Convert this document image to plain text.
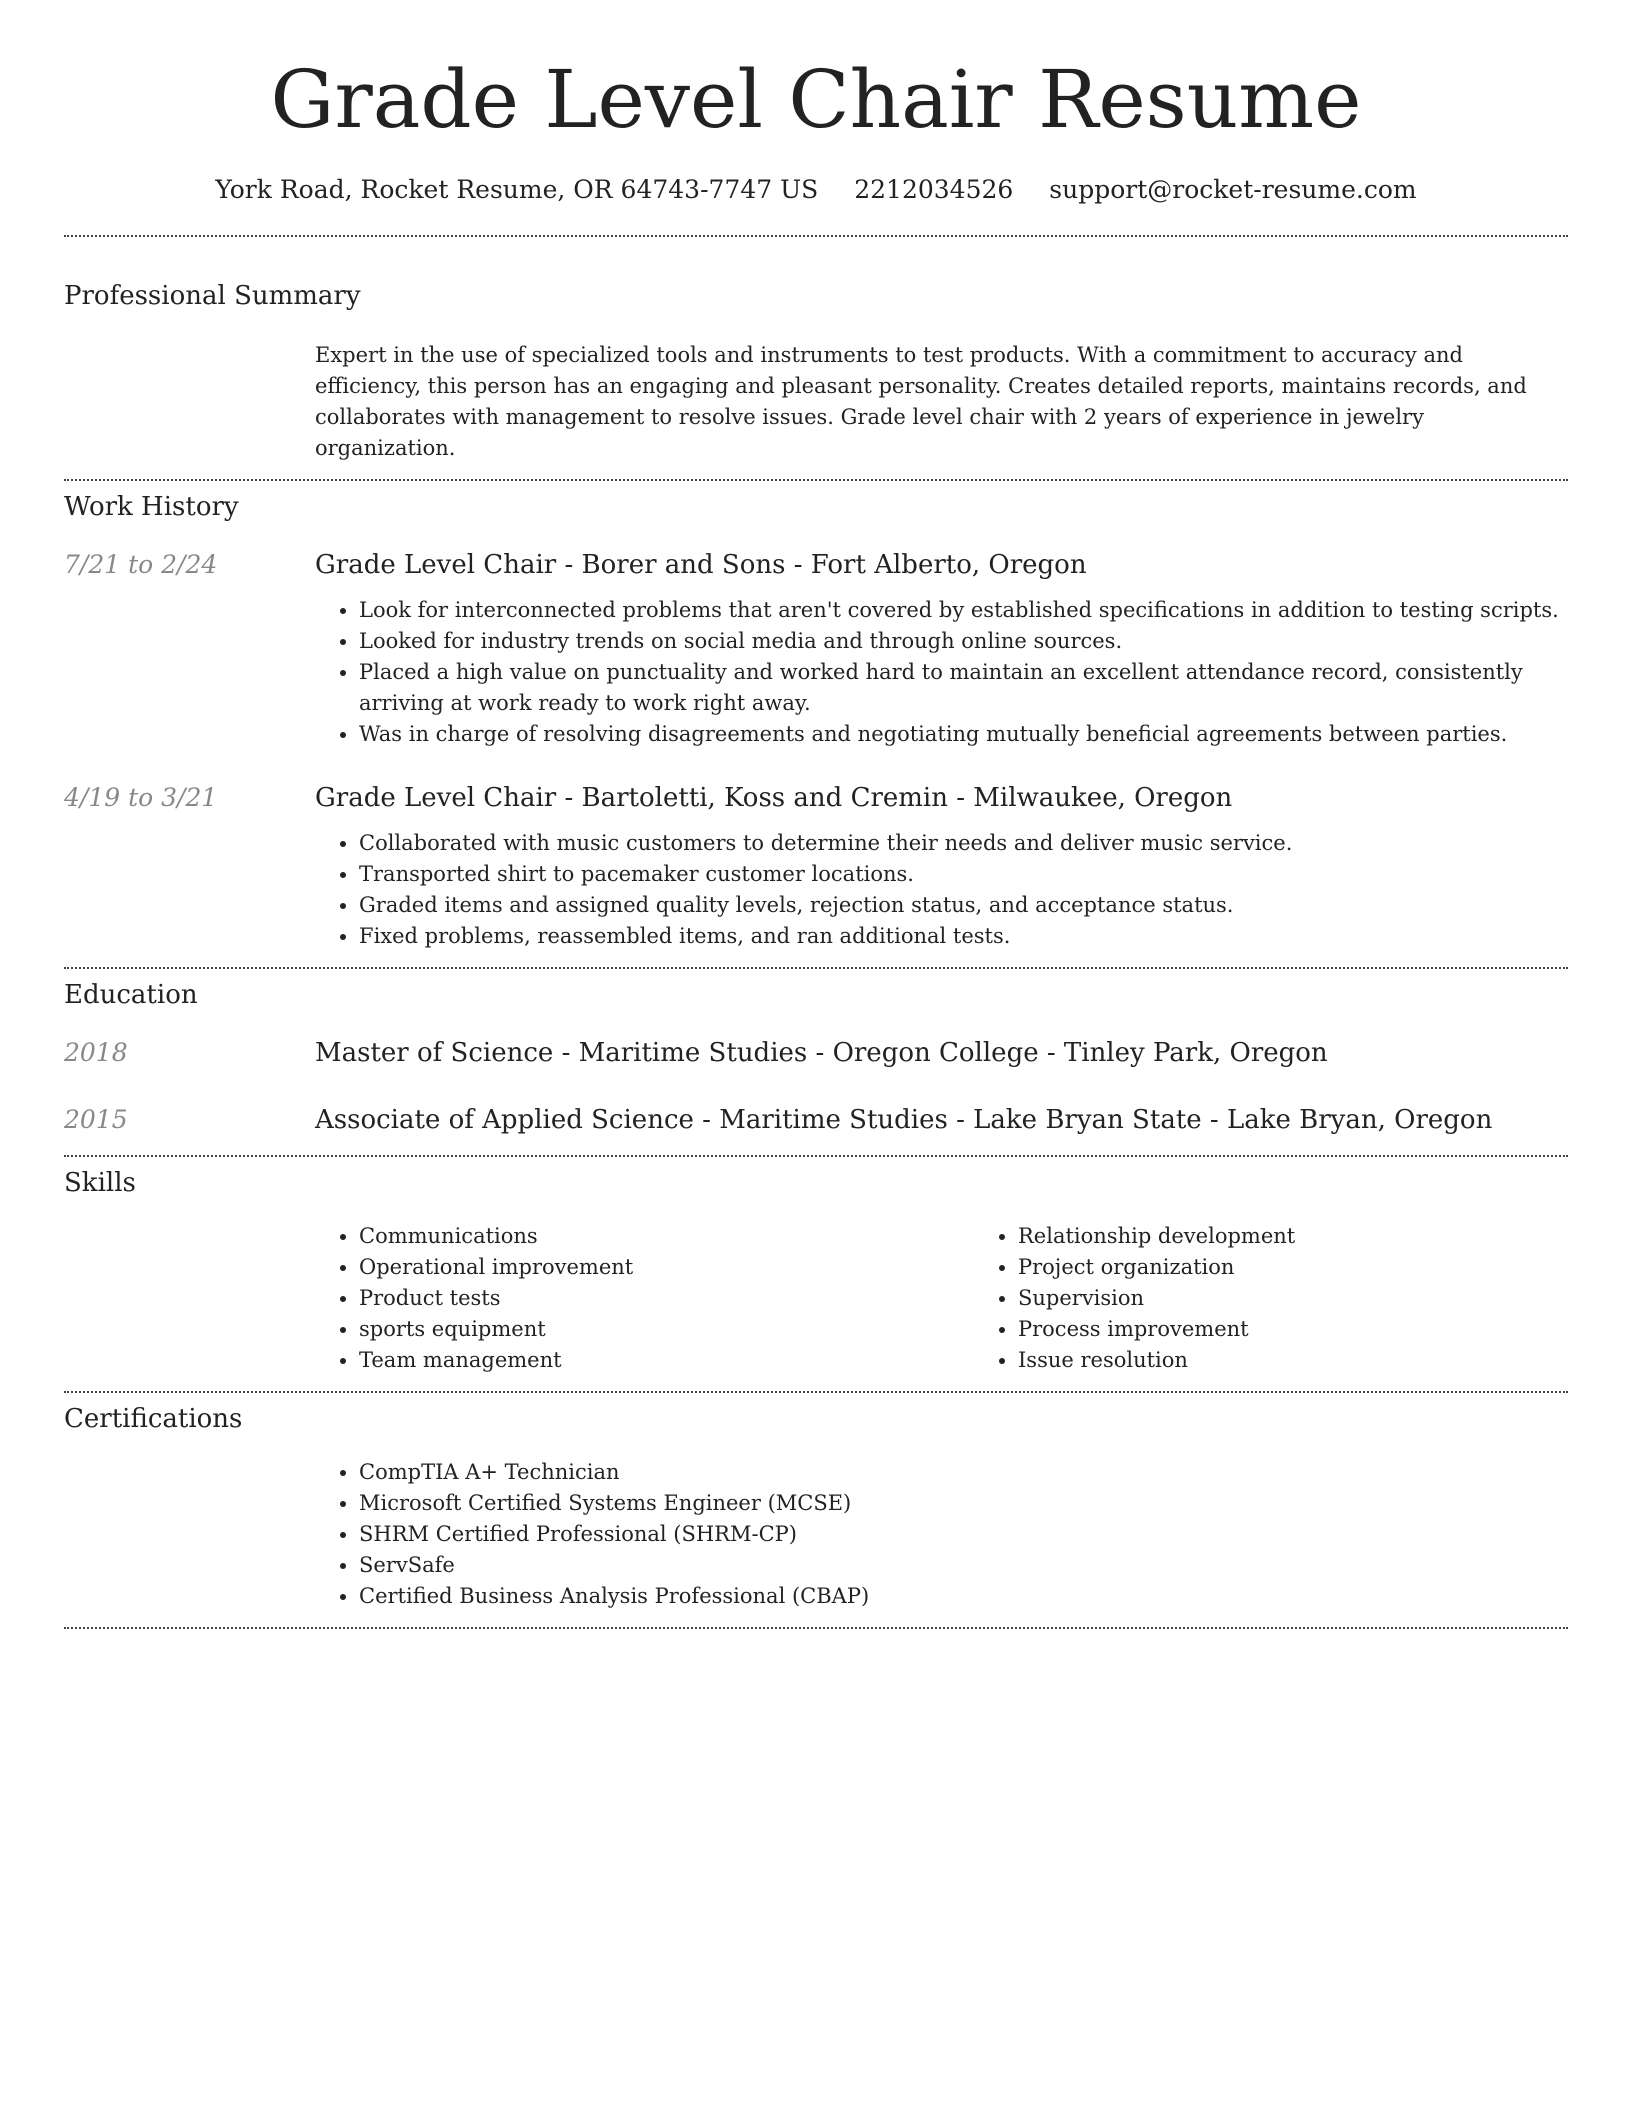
Grade Level Chair Resume
York Road, Rocket Resume, OR 64743-7747 US 2212034526 support@rocket-resume.com
Professional Summary

Expert in the use of specialized tools and instruments to test products. With a commitment to accuracy and efficiency, this person has an engaging and pleasant personality. Creates detailed reports, maintains records, and collaborates with management to resolve issues. Grade level chair with 2 years of experience in jewelry organization.

Work History
7/21 to 2/24	Grade Level Chair - Borer and Sons - Fort Alberto, Oregon
• Look for interconnected problems that aren't covered by established specifications in addition to testing scripts.
• Looked for industry trends on social media and through online sources.
• Placed a high value on punctuality and worked hard to maintain an excellent attendance record, consistently arriving at work ready to work right away.
• Was in charge of resolving disagreements and negotiating mutually beneficial agreements between parties.
4/19 to 3/21	Grade Level Chair - Bartoletti, Koss and Cremin - Milwaukee, Oregon
• Collaborated with music customers to determine their needs and deliver music service.
• Transported shirt to pacemaker customer locations.
• Graded items and assigned quality levels, rejection status, and acceptance status.
• Fixed problems, reassembled items, and ran additional tests.
Education
2018	Master of Science - Maritime Studies - Oregon College - Tinley Park, Oregon
2015	Associate of Applied Science - Maritime Studies - Lake Bryan State - Lake Bryan, Oregon
Skills
• Communications
• Operational improvement
• Product tests
• sports equipment
• Team management
• Relationship development
• Project organization
• Supervision
• Process improvement
• Issue resolution
Certifications
• CompTIA A+ Technician
• Microsoft Certified Systems Engineer (MCSE)
• SHRM Certified Professional (SHRM-CP)
• ServSafe
• Certified Business Analysis Professional (CBAP)
